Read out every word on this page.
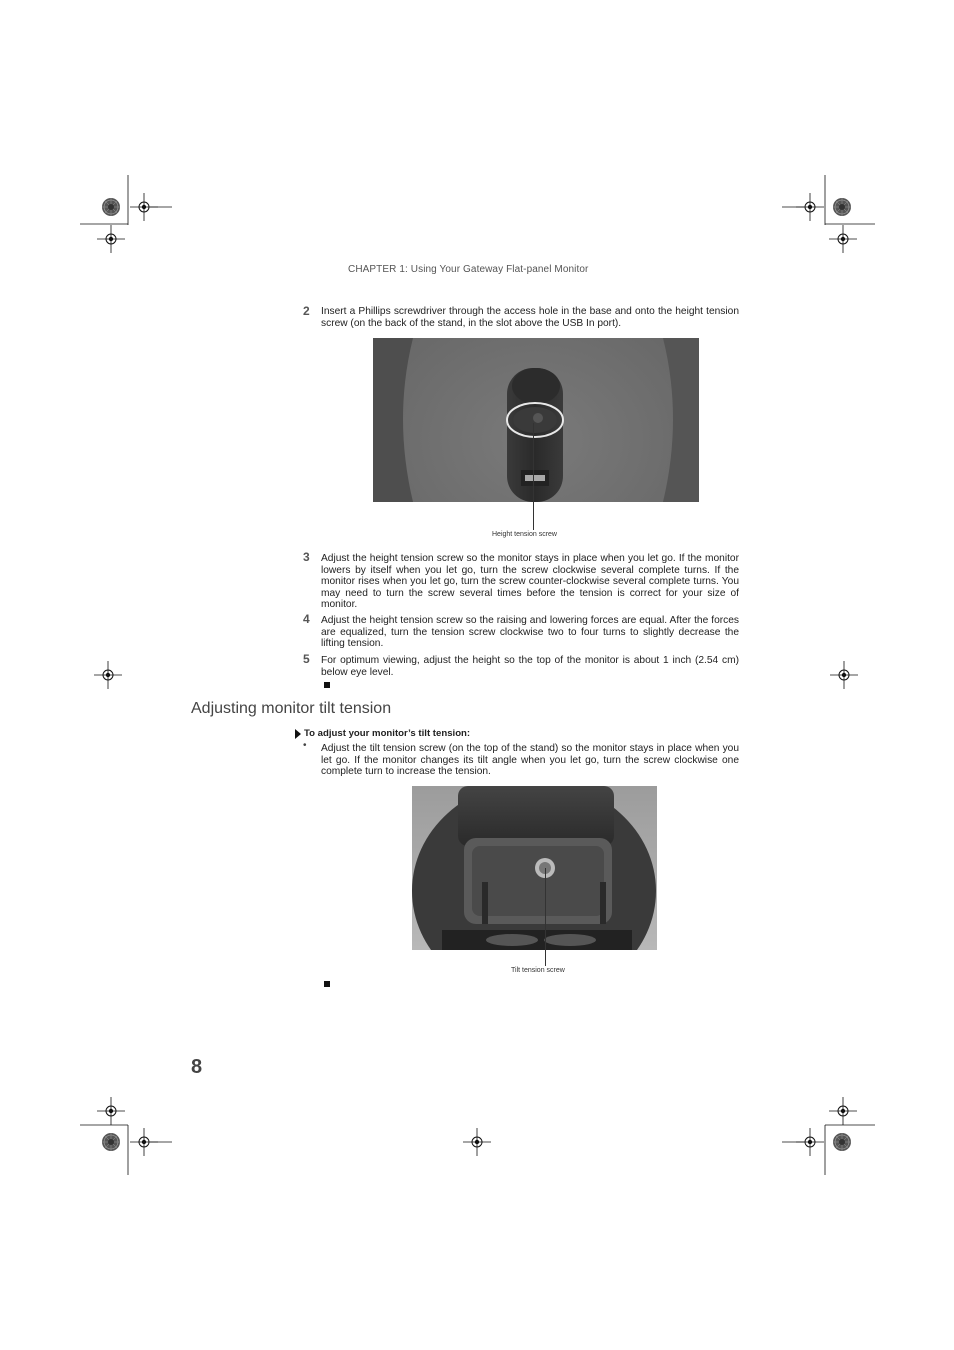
CHAPTER 1: Using Your Gateway Flat-panel Monitor
2	Insert a Phillips screwdriver through the access hole in the base and onto the height tension screw (on the back of the stand, in the slot above the USB In port).
Height tension screw
3	Adjust the height tension screw so the monitor stays in place when you let go. If the monitor lowers by itself when you let go, turn the screw clockwise several complete turns. If the monitor rises when you let go, turn the screw counter-clockwise several complete turns. You may need to turn the screw several times before the tension is correct for your size of monitor.
4	Adjust the height tension screw so the raising and lowering forces are equal. After the forces are equalized, turn the tension screw clockwise two to four turns to slightly decrease the lifting tension.
5	For optimum viewing, adjust the height so the top of the monitor is about 1 inch (2.54 cm) below eye level.
Adjusting monitor tilt tension
To adjust your monitor’s tilt tension:
• Adjust the tilt tension screw (on the top of the stand) so the monitor stays in place when you let go. If the monitor changes its tilt angle when you let go, turn the screw clockwise one complete turn to increase the tension.
Tilt tension screw
8
